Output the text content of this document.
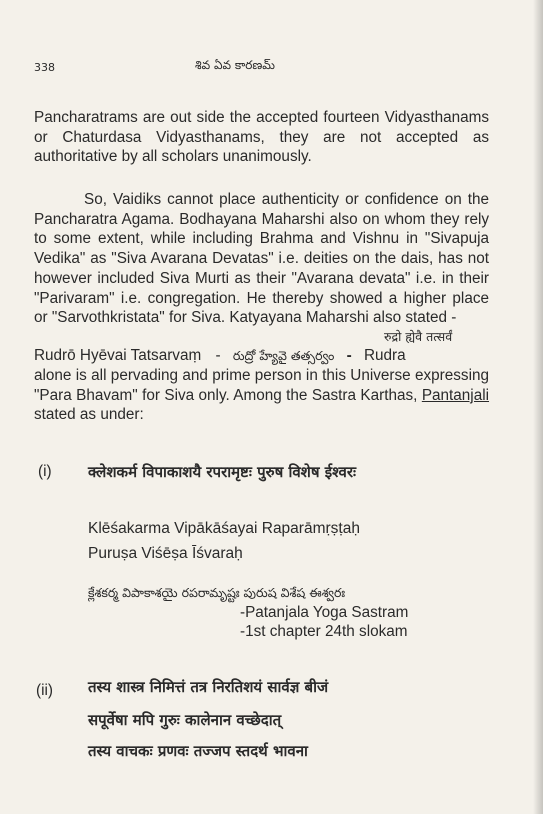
338	శివ ఏవ కారణమ్

Pancharatrams are out side the accepted fourteen Vidyasthanams or Chaturdasa Vidyasthanams, they are not accepted as authoritative by all scholars unanimously.

So, Vaidiks cannot place authenticity or confidence on the Pancharatra Agama. Bodhayana Maharshi also on whom they rely to some extent, while including Brahma and Vishnu in "Sivapuja Vedika" as "Siva Avarana Devatas" i.e. deities on the dais, has not however included Siva Murti as their "Avarana devata" i.e. in their "Parivaram" i.e. congregation. He thereby showed a higher place or "Sarvothkristata" for Siva. Katyayana Maharshi also stated -

रुद्रो ह्येवै तत्सर्वं
Rudrō Hyēvai Tatsarvaṃ - రుద్రో హ్యేవై తత్సర్వం - Rudra

alone is all pervading and prime person in this Universe expressing "Para Bhavam" for Siva only. Among the Sastra Karthas, Pantanjali stated as under:

(i) क्लेशकर्म विपाकाशयै रपरामृष्टः पुरुष विशेष ईश्वरः
Klēśakarma Vipākāśayai Raparāmṛṣṭaḥ
Puruṣa Viśēṣa Īśvaraḥ
క్లేశకర్మ విపాకాశయై రపరామృష్టః పురుష విశేష ఈశ్వరః
-Patanjala Yoga Sastram
-1st chapter 24th slokam
(ii) तस्य शास्त्र निमित्तं तत्र निरतिशयं सार्वज्ञ बीजं
सपूर्वेषा मपि गुरुः कालेनान वच्छेदात्
तस्य वाचकः प्रणवः तज्जप स्तदर्थ भावना
